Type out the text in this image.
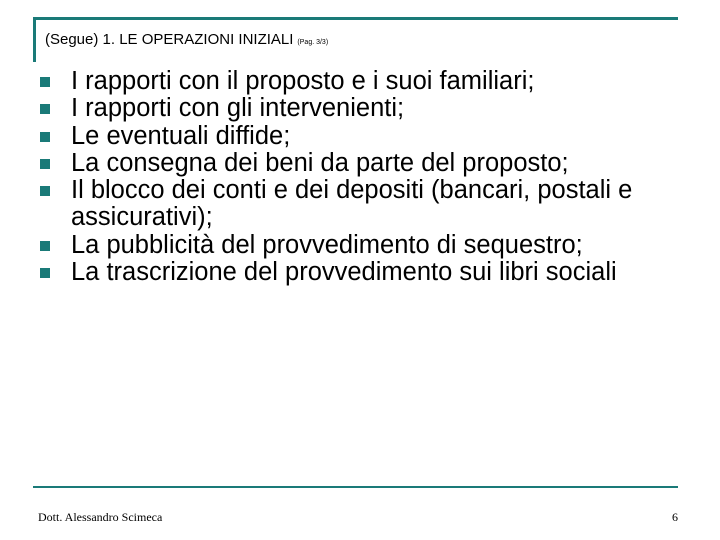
(Segue) 1. LE OPERAZIONI INIZIALI (Pag. 3/3)
I rapporti con il proposto e i suoi familiari;
I rapporti con gli intervenienti;
Le eventuali diffide;
La consegna dei beni da parte del proposto;
Il blocco dei conti e dei depositi (bancari, postali e assicurativi);
La pubblicità del provvedimento di sequestro;
La trascrizione del provvedimento sui libri sociali
Dott. Alessandro Scimeca	6
